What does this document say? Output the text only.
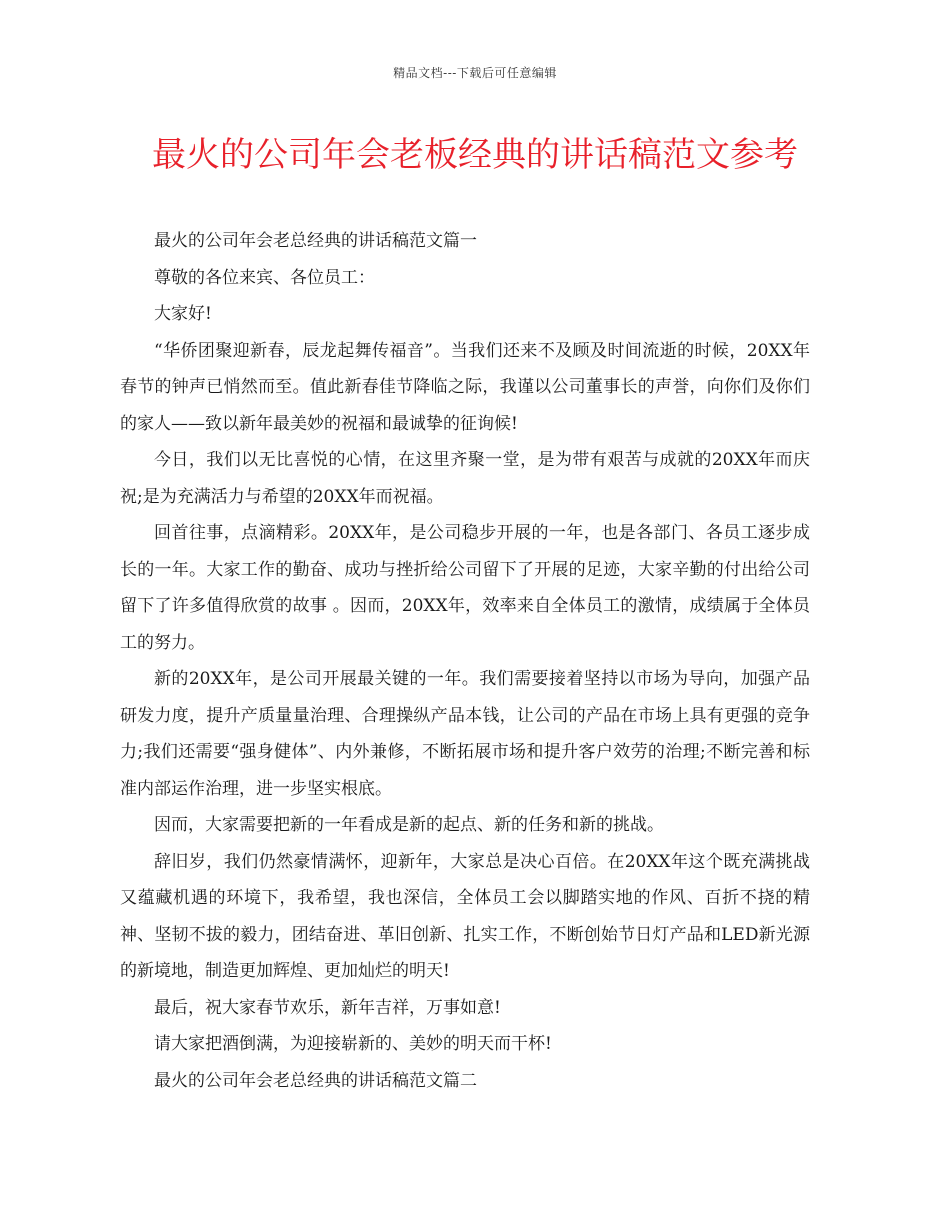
精品文档---下载后可任意编辑
最火的公司年会老板经典的讲话稿范文参考

最火的公司年会老总经典的讲话稿范文篇一

尊敬的各位来宾、各位员工：

大家好!

“华侨团聚迎新春，辰龙起舞传福音”。当我们还来不及顾及时间流逝的时候，20XX年春节的钟声已悄然而至。值此新春佳节降临之际，我谨以公司董事长的声誉，向你们及你们的家人——致以新年最美妙的祝福和最诚挚的征询候!

今日，我们以无比喜悦的心情，在这里齐聚一堂，是为带有艰苦与成就的20XX年而庆祝;是为充满活力与希望的20XX年而祝福。

回首往事，点滴精彩。20XX年，是公司稳步开展的一年，也是各部门、各员工逐步成长的一年。大家工作的勤奋、成功与挫折给公司留下了开展的足迹，大家辛勤的付出给公司留下了许多值得欣赏的故事 。因而，20XX年，效率来自全体员工的激情，成绩属于全体员工的努力。

新的20XX年，是公司开展最关键的一年。我们需要接着坚持以市场为导向，加强产品研发力度，提升产质量量治理、合理操纵产品本钱，让公司的产品在市场上具有更强的竞争力;我们还需要“强身健体”、内外兼修，不断拓展市场和提升客户效劳的治理;不断完善和标准内部运作治理，进一步坚实根底。

因而，大家需要把新的一年看成是新的起点、新的任务和新的挑战。

辞旧岁，我们仍然豪情满怀，迎新年，大家总是决心百倍。在20XX年这个既充满挑战又蕴藏机遇的环境下，我希望，我也深信，全体员工会以脚踏实地的作风、百折不挠的精神、坚韧不拔的毅力，团结奋进、革旧创新、扎实工作，不断创始节日灯产品和LED新光源的新境地，制造更加辉煌、更加灿烂的明天!

最后，祝大家春节欢乐，新年吉祥，万事如意!

请大家把酒倒满，为迎接崭新的、美妙的明天而干杯!

最火的公司年会老总经典的讲话稿范文篇二
